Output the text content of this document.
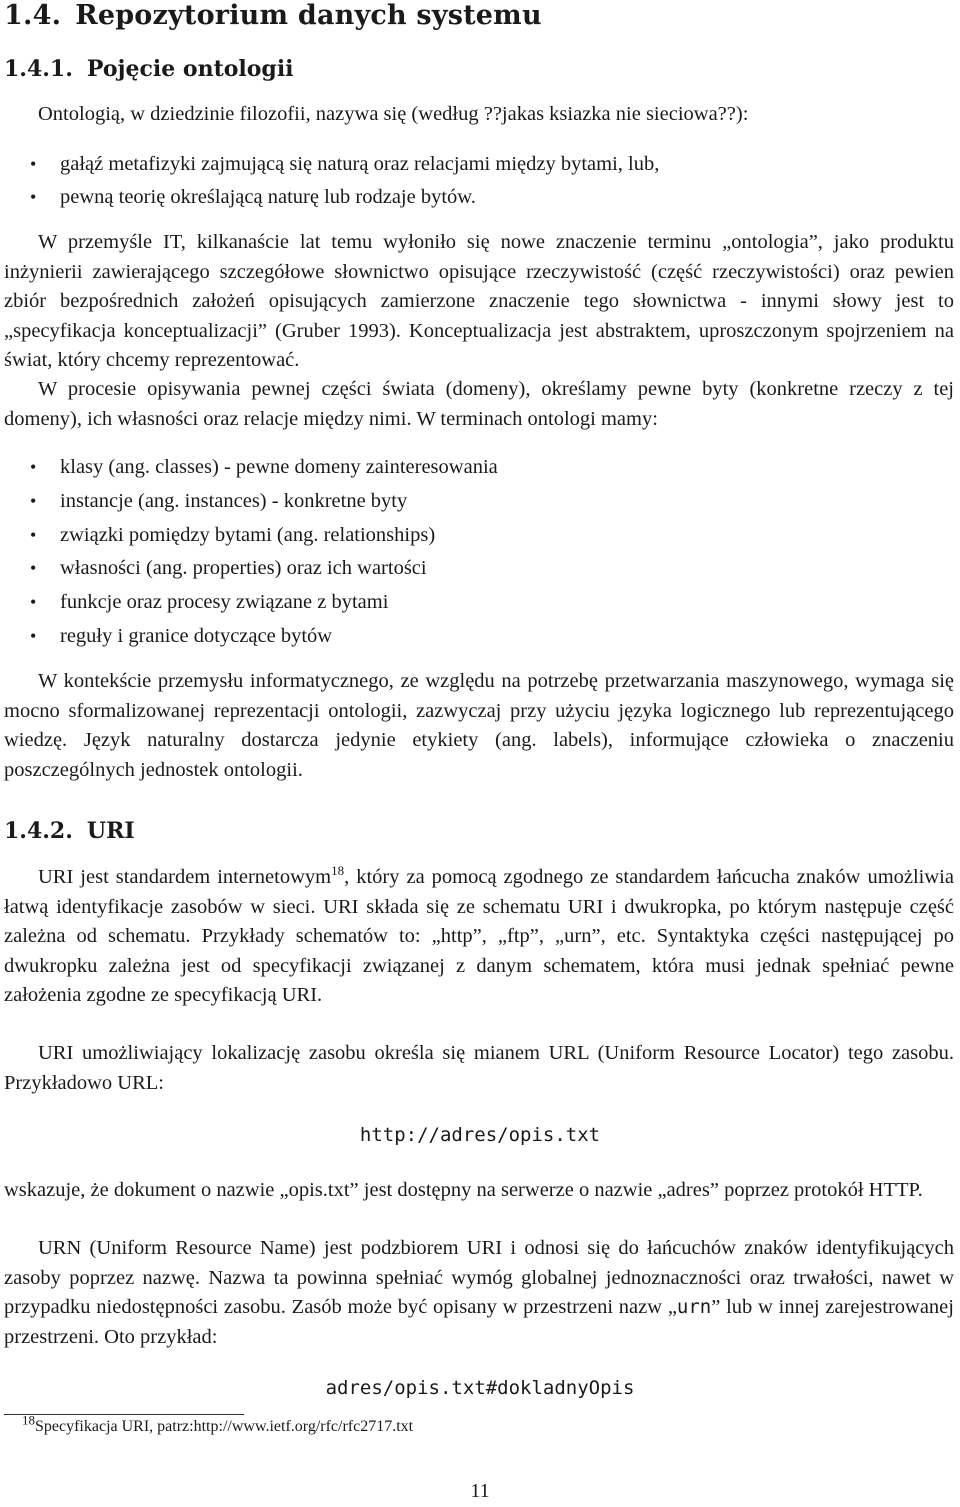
1.4. Repozytorium danych systemu
1.4.1. Pojęcie ontologii
Ontologią, w dziedzinie filozofii, nazywa się (według ??jakas ksiazka nie sieciowa??):
• gałąź metafizyki zajmującą się naturą oraz relacjami między bytami, lub,
• pewną teorię określającą naturę lub rodzaje bytów.
W przemyśle IT, kilkanaście lat temu wyłoniło się nowe znaczenie terminu „ontologia”, jako produktu inżynierii zawierającego szczegółowe słownictwo opisujące rzeczywistość (część rzeczywistości) oraz pewien zbiór bezpośrednich założeń opisujących zamierzone znaczenie tego słownictwa - innymi słowy jest to „specyfikacja konceptualizacji” (Gruber 1993). Konceptualizacja jest abstraktem, uproszczonym spojrzeniem na świat, który chcemy reprezentować.
W procesie opisywania pewnej części świata (domeny), określamy pewne byty (konkretne rzeczy z tej domeny), ich własności oraz relacje między nimi. W terminach ontologi mamy:
• klasy (ang. classes) - pewne domeny zainteresowania
• instancje (ang. instances) - konkretne byty
• związki pomiędzy bytami (ang. relationships)
• własności (ang. properties) oraz ich wartości
• funkcje oraz procesy związane z bytami
• reguły i granice dotyczące bytów
W kontekście przemysłu informatycznego, ze względu na potrzebę przetwarzania maszynowego, wymaga się mocno sformalizowanej reprezentacji ontologii, zazwyczaj przy użyciu języka logicznego lub reprezentującego wiedzę. Język naturalny dostarcza jedynie etykiety (ang. labels), informujące człowieka o znaczeniu poszczególnych jednostek ontologii.
1.4.2. URI
URI jest standardem internetowym$^{18}$, który za pomocą zgodnego ze standardem łańcucha znaków umożliwia łatwą identyfikacje zasobów w sieci. URI składa się ze schematu URI i dwukropka, po którym następuje część zależna od schematu. Przykłady schematów to: „http”, „ftp”, „urn”, etc. Syntaktyka części następującej po dwukropku zależna jest od specyfikacji związanej z danym schematem, która musi jednak spełniać pewne założenia zgodne ze specyfikacją URI.
URI umożliwiający lokalizację zasobu określa się mianem URL (Uniform Resource Locator) tego zasobu. Przykładowo URL:
http://adres/opis.txt
wskazuje, że dokument o nazwie „opis.txt” jest dostępny na serwerze o nazwie „adres” poprzez protokół HTTP.
URN (Uniform Resource Name) jest podzbiorem URI i odnosi się do łańcuchów znaków identyfikujących zasoby poprzez nazwę. Nazwa ta powinna spełniać wymóg globalnej jednoznaczności oraz trwałości, nawet w przypadku niedostępności zasobu. Zasób może być opisany w przestrzeni nazw „urn” lub w innej zarejestrowanej przestrzeni. Oto przykład:
adres/opis.txt#dokladnyOpis
$^{18}$Specyfikacja URI, patrz:http://www.ietf.org/rfc/rfc2717.txt
11
